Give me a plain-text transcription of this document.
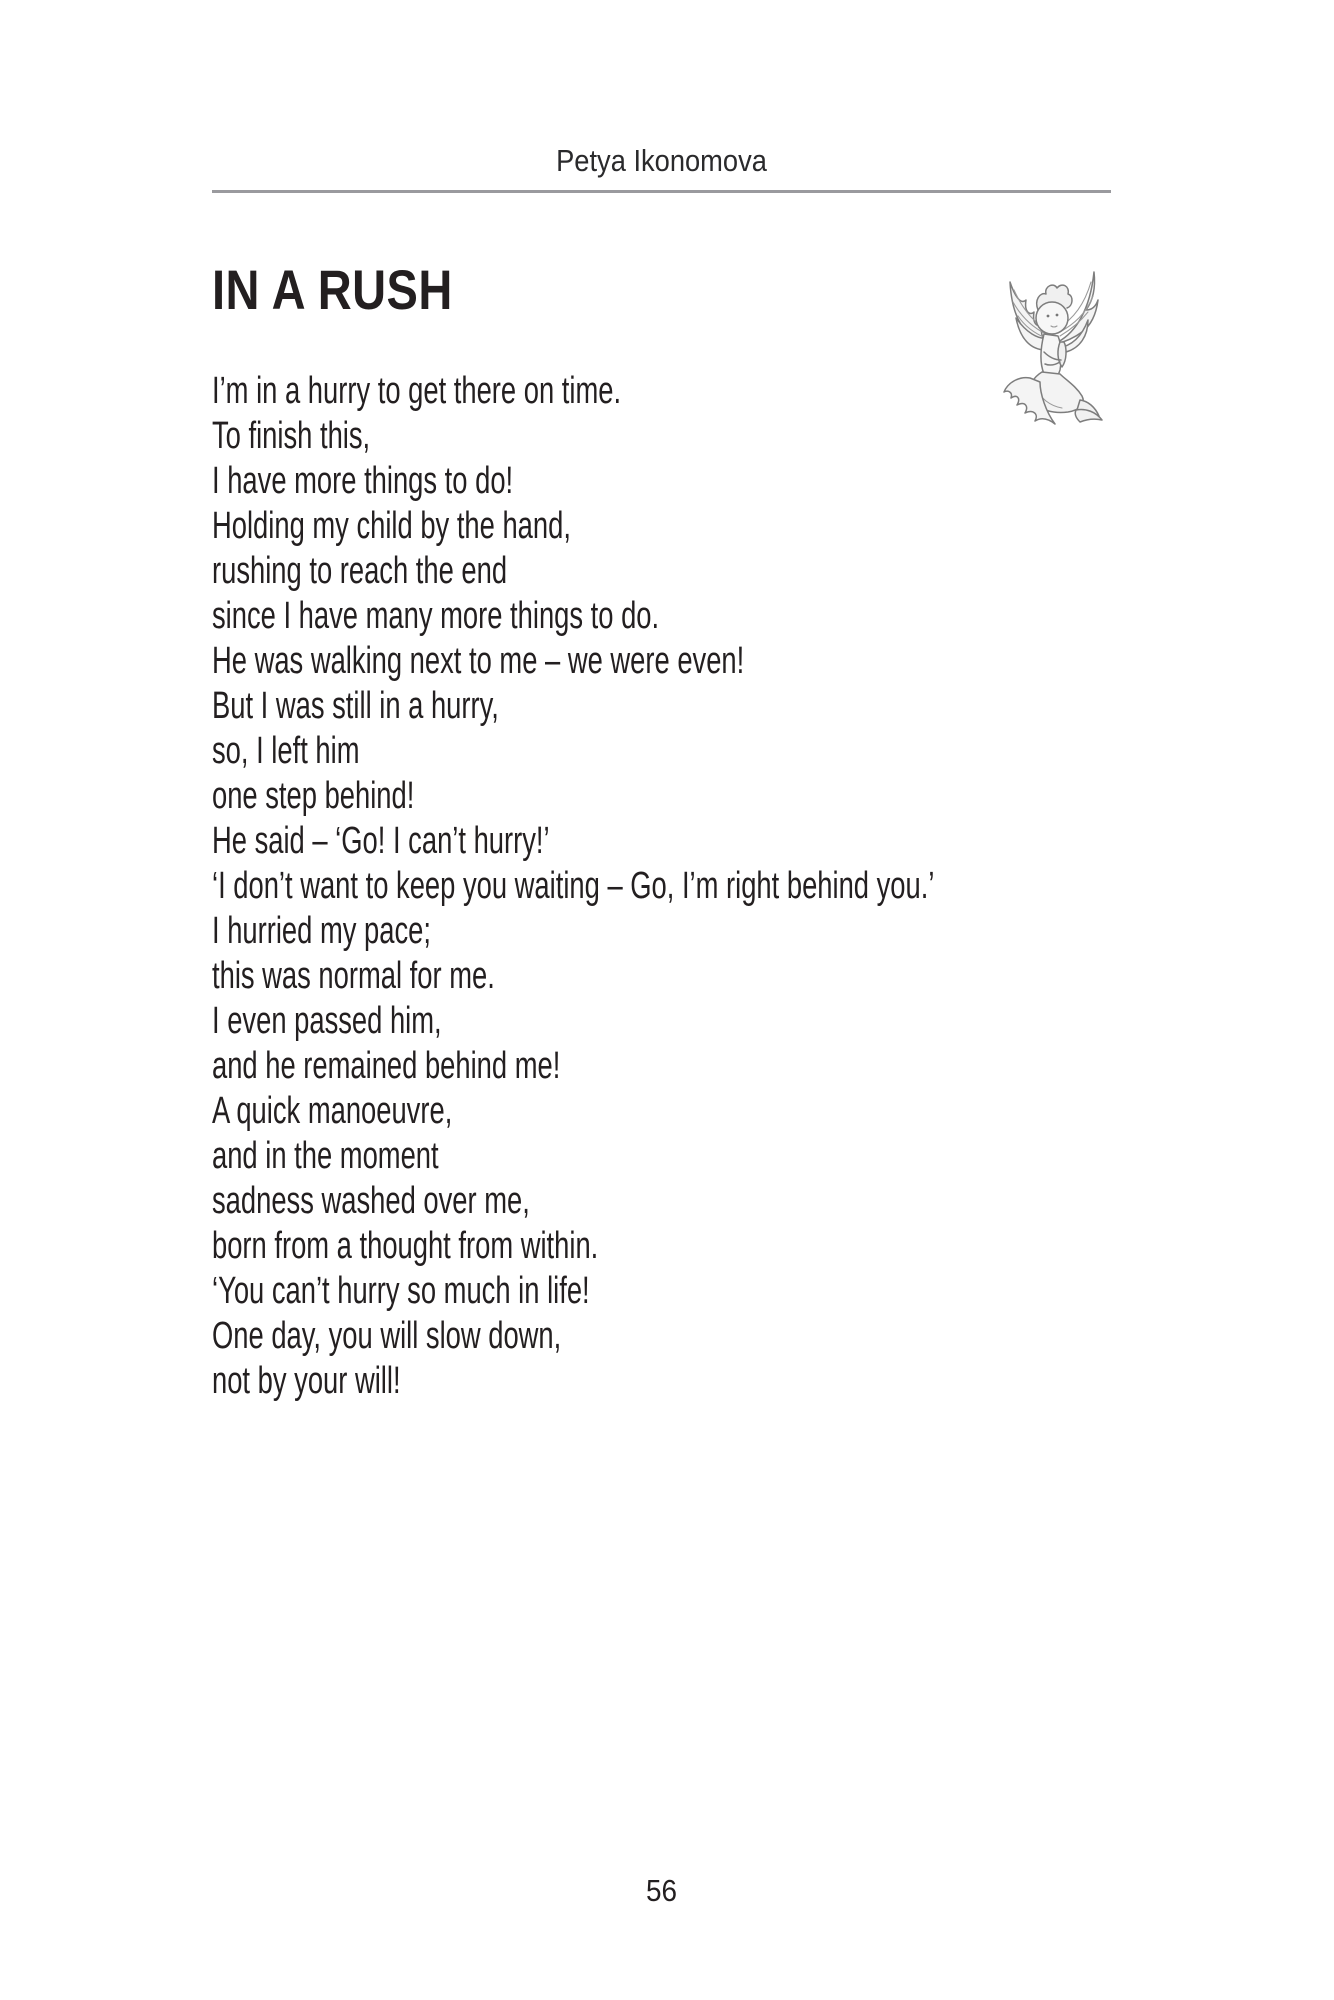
Petya Ikonomova
IN A RUSH
I’m in a hurry to get there on time.
To finish this,
I have more things to do!
Holding my child by the hand,
rushing to reach the end
since I have many more things to do.
He was walking next to me – we were even!
But I was still in a hurry,
so, I left him
one step behind!
He said – ‘Go! I can’t hurry!’
‘I don’t want to keep you waiting – Go, I’m right behind you.’
I hurried my pace;
this was normal for me.
I even passed him,
and he remained behind me!
A quick manoeuvre,
and in the moment
sadness washed over me,
born from a thought from within.
‘You can’t hurry so much in life!
One day, you will slow down,
not by your will!
56
